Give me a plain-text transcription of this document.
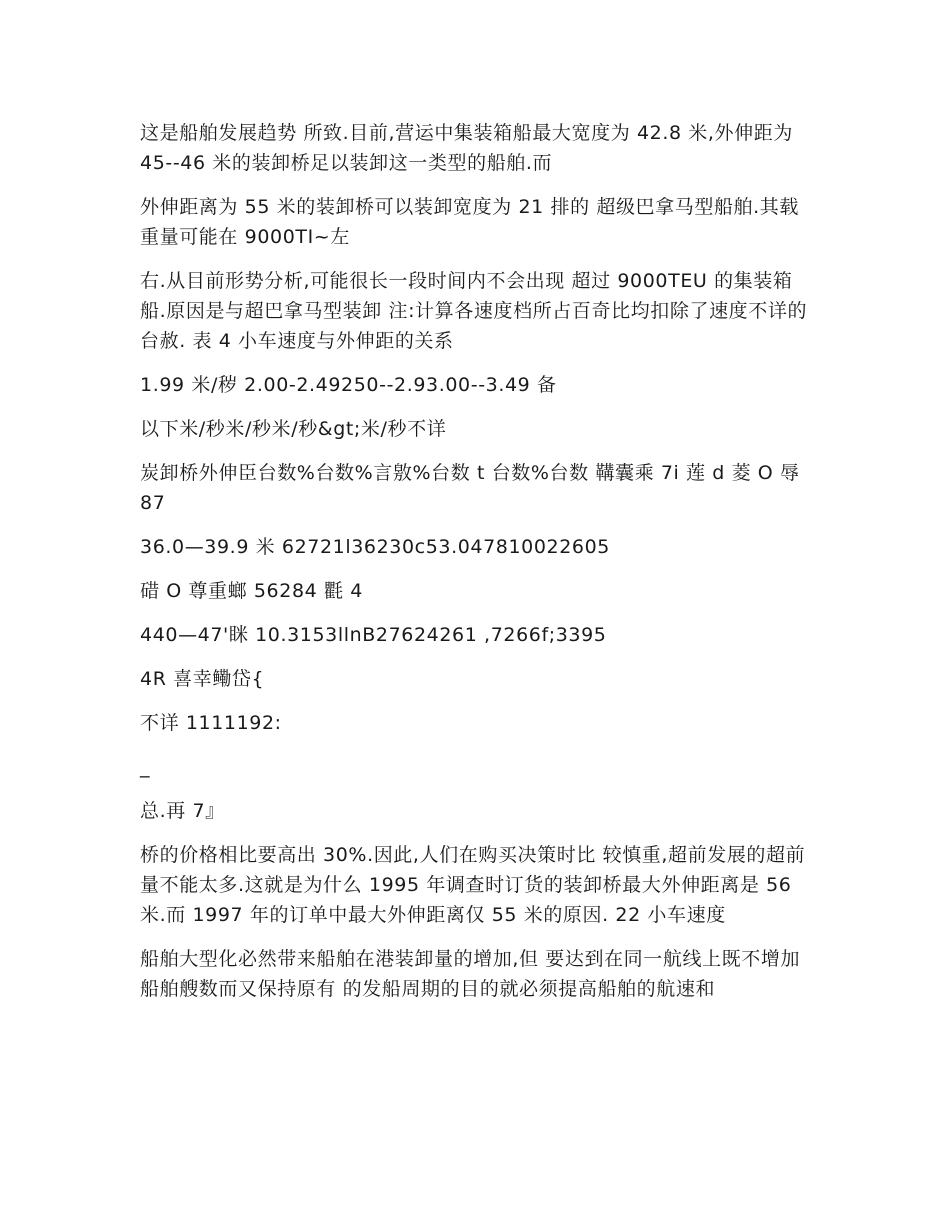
这是船舶发展趋势 所致.目前,营运中集装箱船最大宽度为 42.8 米,外伸距为 45--46 米的装卸桥足以装卸这一类型的船舶.而

外伸距离为 55 米的装卸桥可以装卸宽度为 21 排的 超级巴拿马型船舶.其载重量可能在 9000TI~左

右.从目前形势分析,可能很长一段时间内不会出现 超过 9000TEU 的集装箱船.原因是与超巴拿马型装卸 注:计算各速度档所占百奇比均扣除了速度不详的台赦. 表 4 小车速度与外伸距的关系

1.99 米/秽 2.00-2.49250--2.93.00--3.49 备

以下米/秒米/秒米/秒&gt;米/秒不详

炭卸桥外伸臣台数%台数%言敫%台数 t 台数%台数 鞲囊乘 7i 莲 d 菱 O 辱 87

36.0—39.9 米 62721l36230c53.047810022605

碏 O 尊重螂 56284 氍 4

440—47'眯 10.3153llnB27624261 ,7266f;3395

4R 喜幸鳓岱{

不详 1111192:

_

总.再 7』

桥的价格相比要高出 30%.因此,人们在购买决策时比 较慎重,超前发展的超前量不能太多.这就是为什么 1995 年调查时订货的装卸桥最大外伸距离是 56 米.而 1997 年的订单中最大外伸距离仅 55 米的原因. 22 小车速度

船舶大型化必然带来船舶在港装卸量的增加,但 要达到在同一航线上既不增加船舶艘数而又保持原有 的发船周期的目的就必须提高船舶的航速和
